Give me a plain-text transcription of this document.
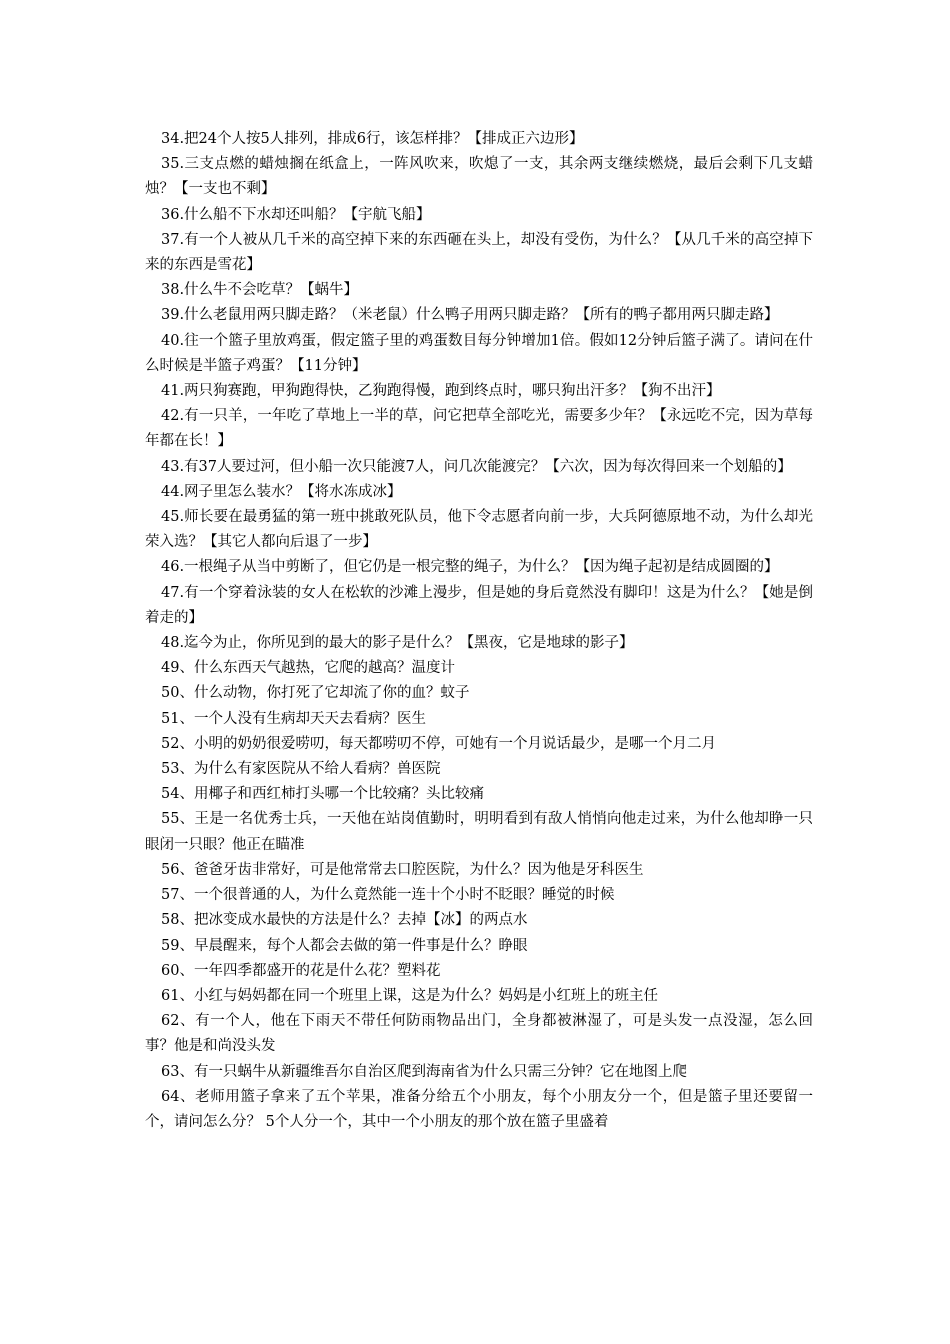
34.把24个人按5人排列，排成6行，该怎样排？【排成正六边形】

35.三支点燃的蜡烛搁在纸盒上，一阵风吹来，吹熄了一支，其余两支继续燃烧，最后会剩下几支蜡烛？【一支也不剩】

36.什么船不下水却还叫船？【宇航飞船】

37.有一个人被从几千米的高空掉下来的东西砸在头上，却没有受伤，为什么？【从几千米的高空掉下来的东西是雪花】

38.什么牛不会吃草？【蜗牛】

39.什么老鼠用两只脚走路？（米老鼠）什么鸭子用两只脚走路？【所有的鸭子都用两只脚走路】

40.往一个篮子里放鸡蛋，假定篮子里的鸡蛋数目每分钟增加1倍。假如12分钟后篮子满了。请问在什么时候是半篮子鸡蛋？【11分钟】

41.两只狗赛跑，甲狗跑得快，乙狗跑得慢，跑到终点时，哪只狗出汗多？【狗不出汗】

42.有一只羊，一年吃了草地上一半的草，问它把草全部吃光，需要多少年？【永远吃不完，因为草每年都在长！】

43.有37人要过河，但小船一次只能渡7人，问几次能渡完？【六次，因为每次得回来一个划船的】

44.网子里怎么装水？【将水冻成冰】

45.师长要在最勇猛的第一班中挑敢死队员，他下令志愿者向前一步，大兵阿德原地不动，为什么却光荣入选？【其它人都向后退了一步】

46.一根绳子从当中剪断了，但它仍是一根完整的绳子，为什么？【因为绳子起初是结成圆圈的】

47.有一个穿着泳装的女人在松软的沙滩上漫步，但是她的身后竟然没有脚印！这是为什么？【她是倒着走的】

48.迄今为止，你所见到的最大的影子是什么？【黑夜，它是地球的影子】

49、什么东西天气越热，它爬的越高？温度计

50、什么动物，你打死了它却流了你的血？蚊子

51、一个人没有生病却天天去看病？医生

52、小明的奶奶很爱唠叨，每天都唠叨不停，可她有一个月说话最少，是哪一个月二月

53、为什么有家医院从不给人看病？兽医院

54、用椰子和西红柿打头哪一个比较痛？头比较痛

55、王是一名优秀士兵，一天他在站岗值勤时，明明看到有敌人悄悄向他走过来，为什么他却睁一只眼闭一只眼？他正在瞄准

56、爸爸牙齿非常好，可是他常常去口腔医院，为什么？因为他是牙科医生

57、一个很普通的人，为什么竟然能一连十个小时不眨眼？睡觉的时候

58、把冰变成水最快的方法是什么？去掉【冰】的两点水

59、早晨醒来，每个人都会去做的第一件事是什么？睁眼

60、一年四季都盛开的花是什么花？塑料花

61、小红与妈妈都在同一个班里上课，这是为什么？妈妈是小红班上的班主任

62、有一个人，他在下雨天不带任何防雨物品出门，全身都被淋湿了，可是头发一点没湿，怎么回事？他是和尚没头发

63、有一只蜗牛从新疆维吾尔自治区爬到海南省为什么只需三分钟？它在地图上爬

64、老师用篮子拿来了五个苹果，准备分给五个小朋友，每个小朋友分一个，但是篮子里还要留一个，请问怎么分？ 5个人分一个，其中一个小朋友的那个放在篮子里盛着
